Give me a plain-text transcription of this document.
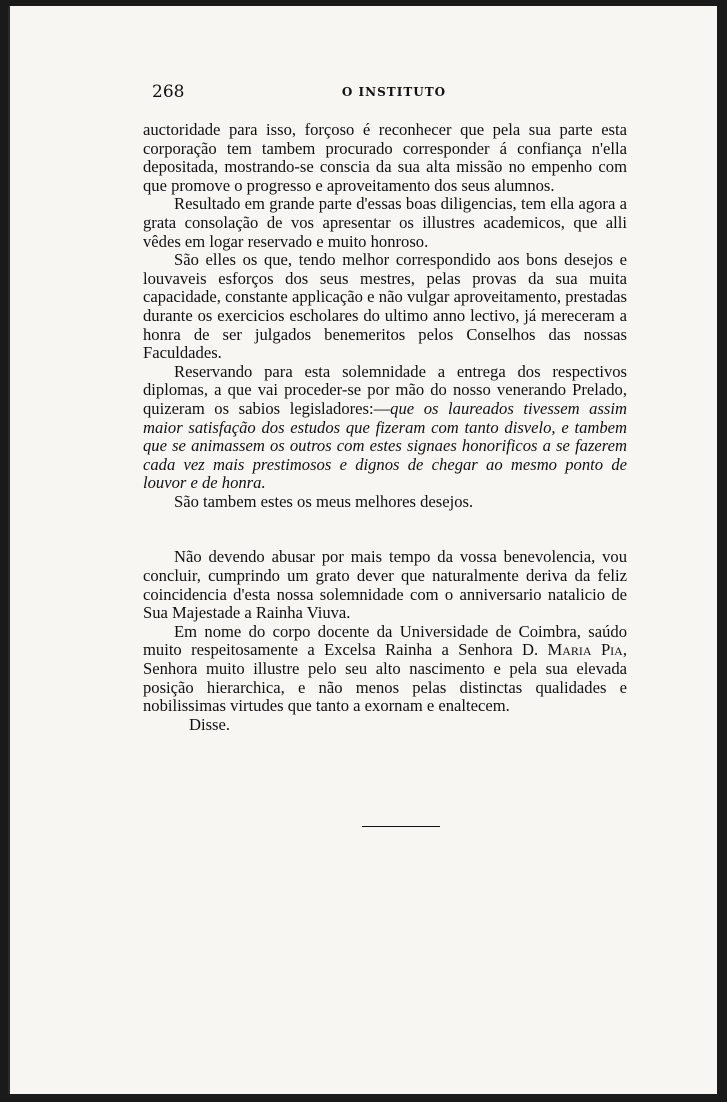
268	O INSTITUTO

auctoridade para isso, forçoso é reconhecer que pela sua parte esta corporação tem tambem procurado corresponder á confiança n'ella depositada, mostrando-se conscia da sua alta missão no empenho com que promove o progresso e aproveitamento dos seus alumnos.

Resultado em grande parte d'essas boas diligencias, tem ella agora a grata consolação de vos apresentar os illustres academicos, que alli vêdes em logar reservado e muito honroso.

São elles os que, tendo melhor correspondido aos bons desejos e louvaveis esforços dos seus mestres, pelas provas da sua muita capacidade, constante applicação e não vulgar aproveitamento, prestadas durante os exercicios escholares do ultimo anno lectivo, já mereceram a honra de ser julgados benemeritos pelos Conselhos das nossas Faculdades.

Reservando para esta solemnidade a entrega dos respectivos diplomas, a que vai proceder-se por mão do nosso venerando Prelado, quizeram os sabios legisladores:—que os laureados tivessem assim maior satisfação dos estudos que fizeram com tanto disvelo, e tambem que se animassem os outros com estes signaes honorificos a se fazerem cada vez mais prestimosos e dignos de chegar ao mesmo ponto de louvor e de honra.

São tambem estes os meus melhores desejos.

Não devendo abusar por mais tempo da vossa benevolencia, vou concluir, cumprindo um grato dever que naturalmente deriva da feliz coincidencia d'esta nossa solemnidade com o anniversario natalicio de Sua Majestade a Rainha Viuva.

Em nome do corpo docente da Universidade de Coimbra, saúdo muito respeitosamente a Excelsa Rainha a Senhora D. Maria Pia, Senhora muito illustre pelo seu alto nascimento e pela sua elevada posição hierarchica, e não menos pelas distinctas qualidades e nobilissimas virtudes que tanto a exornam e enaltecem.

Disse.
